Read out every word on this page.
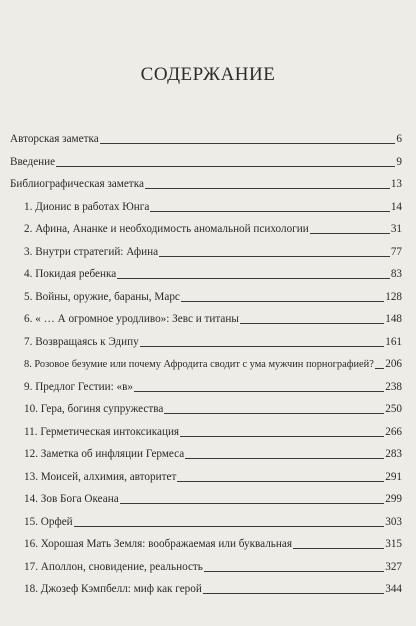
СОДЕРЖАНИЕ
Авторская заметка	6
Введение	9
Библиографическая заметка	13
1. Дионис в работах Юнга	14
2. Афина, Ананке и необходимость аномальной психологии	31
3. Внутри стратегий: Афина	77
4. Покидая ребенка	83
5. Войны, оружие, бараны, Марс	128
6. « … А огромное уродливо»: Зевс и титаны	148
7. Возвращаясь к Эдипу	161
8. Розовое безумие или почему Афродита сводит с ума мужчин порнографией? 206
9. Предлог Гестии: «в»	238
10. Гера, богиня супружества	250
11. Герметическая интоксикация	266
12. Заметка об инфляции Гермеса	283
13. Моисей, алхимия, авторитет	291
14. Зов Бога Океана	299
15. Орфей	303
16. Хорошая Мать Земля: воображаемая или буквальная	315
17. Аполлон, сновидение, реальность	327
18. Джозеф Кэмпбелл: миф как герой	344
